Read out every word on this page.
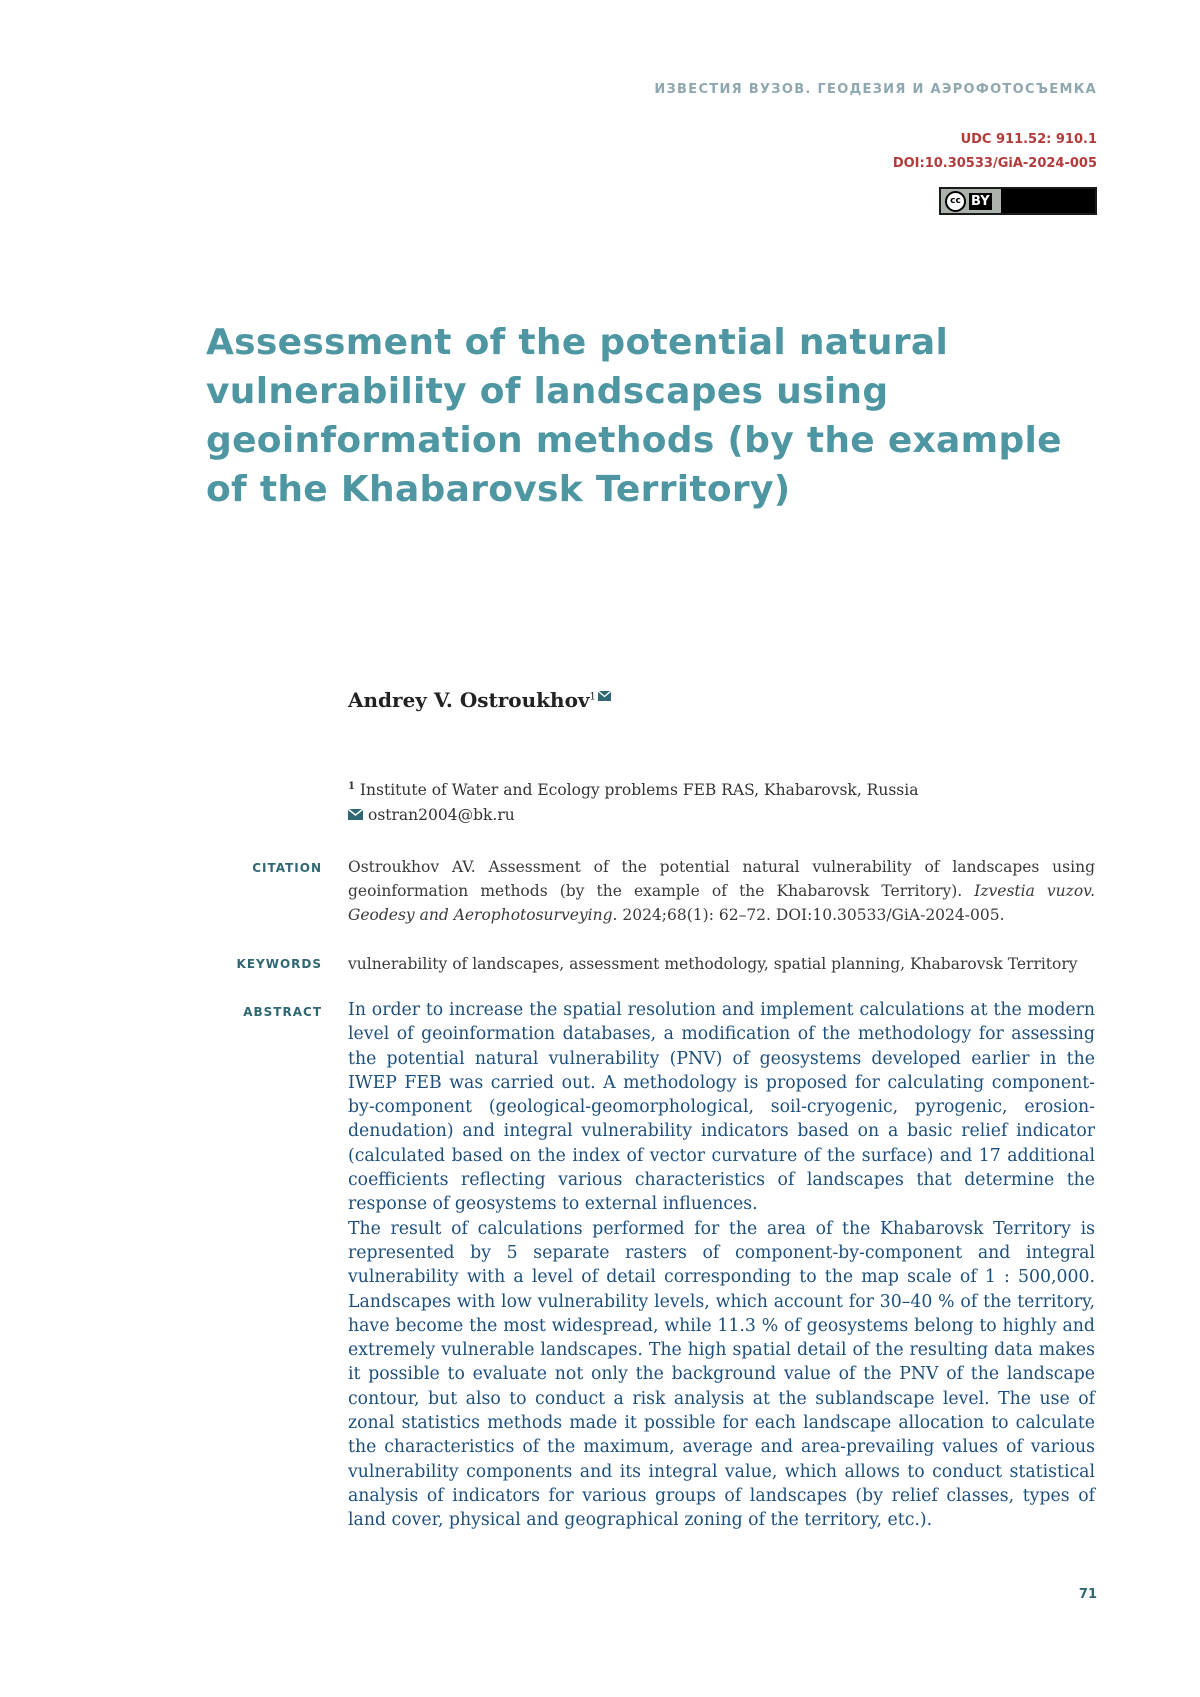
ИЗВЕСТИЯ ВУЗОВ. ГЕОДЕЗИЯ И АЭРОФОТОСЪЕМКА
UDC 911.52: 910.1
DOI:10.30533/GiA-2024-005
cc BY
Assessment of the potential natural vulnerability of landscapes using geoinformation methods (by the example of the Khabarovsk Territory)
Andrey V. Ostroukhov$^1$
$^1$ Institute of Water and Ecology problems FEB RAS, Khabarovsk, Russia
ostran2004@bk.ru
CITATION Ostroukhov AV. Assessment of the potential natural vulnerability of landscapes using geoinformation methods (by the example of the Khabarovsk Territory). Izvestia vuzov. Geodesy and Aerophotosurveying. 2024;68(1): 62–72. DOI:10.30533/GiA-2024-005.
KEYWORDS vulnerability of landscapes, assessment methodology, spatial planning, Khabarovsk Territory
ABSTRACT In order to increase the spatial resolution and implement calculations at the modern level of geoinformation databases, a modification of the methodology for assessing the potential natural vulnerability (PNV) of geosystems developed earlier in the IWEP FEB was carried out. A methodology is proposed for calculating component-by-component (geological-geomorphological, soil-cryogenic, pyrogenic, erosion-denudation) and integral vulnerability indicators based on a basic relief indicator (calculated based on the index of vector curvature of the surface) and 17 additional coefficients reflecting various characteristics of landscapes that determine the response of geosystems to external influences.

The result of calculations performed for the area of the Khabarovsk Territory is represented by 5 separate rasters of component-by-component and integral vulnerability with a level of detail corresponding to the map scale of 1 : 500,000. Landscapes with low vulnerability levels, which account for 30–40 % of the territory, have become the most widespread, while 11.3 % of geosystems belong to highly and extremely vulnerable landscapes. The high spatial detail of the resulting data makes it possible to evaluate not only the background value of the PNV of the landscape contour, but also to conduct a risk analysis at the sublandscape level. The use of zonal statistics methods made it possible for each landscape allocation to calculate the characteristics of the maximum, average and area-prevailing values of various vulnerability components and its integral value, which allows to conduct statistical analysis of indicators for various groups of landscapes (by relief classes, types of land cover, physical and geographical zoning of the territory, etc.).

71
